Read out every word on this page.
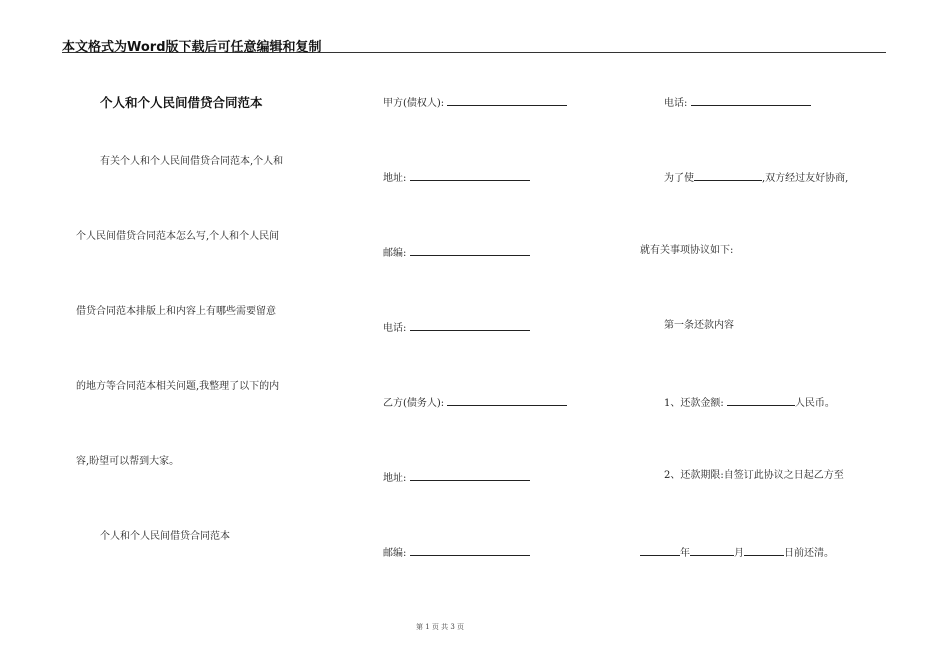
本文格式为Word版下载后可任意编辑和复制
个人和个人民间借贷合同范本
有关个人和个人民间借贷合同范本,个人和
个人民间借贷合同范本怎么写,个人和个人民间
借贷合同范本排版上和内容上有哪些需要留意
的地方等合同范本相关问题,我整理了以下的内
容,盼望可以帮到大家。
个人和个人民间借贷合同范本
甲方(债权人):
地址:
邮编:
电话:
乙方(债务人):
地址:
邮编:
电话:
为了使	,双方经过友好协商,
就有关事项协议如下:
第一条还款内容
1、还款金额:	人民币。
2、还款期限:自签订此协议之日起乙方至
年	月	日前还清。
第 1 页 共 3 页
